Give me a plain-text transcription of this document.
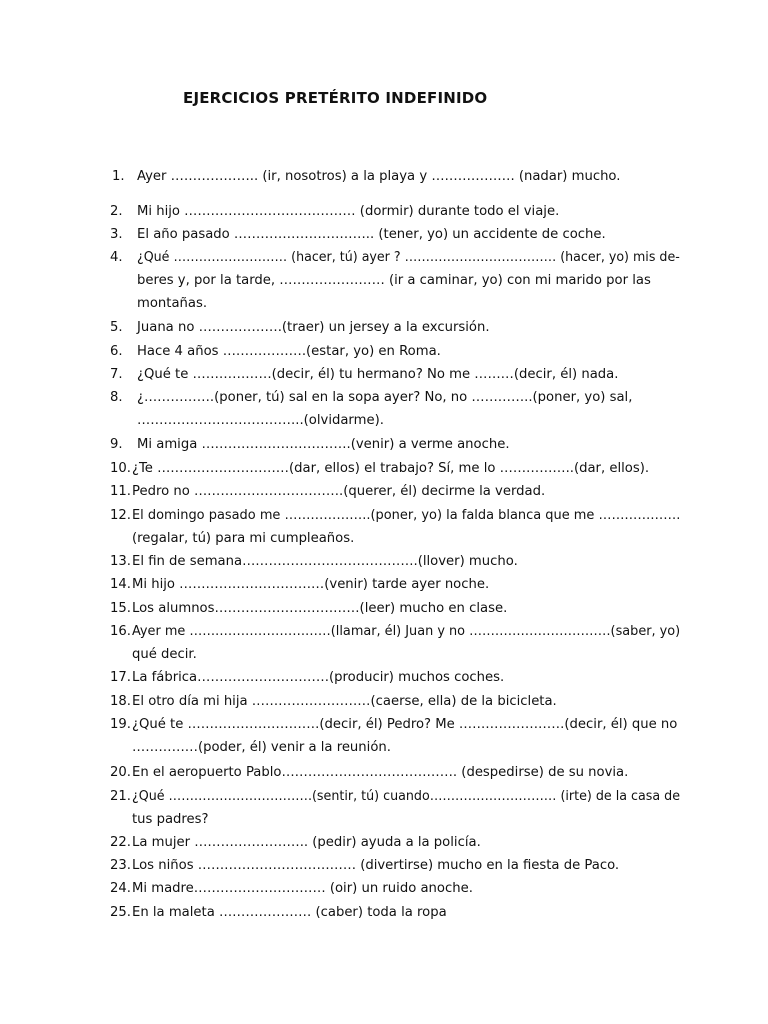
EJERCICIOS PRETÉRITO INDEFINIDO
1. Ayer ……………….. (ir, nosotros) a la playa y ………………. (nadar) mucho.
2. Mi hijo ………………………………… (dormir) durante todo el viaje.
3. El año pasado ………………………….. (tener, yo) un accidente de coche.
4. ¿Qué ……………………… (hacer, tú) ayer ? ……………………………… (hacer, yo) mis de-
beres y, por la tarde, …………………… (ir a caminar, yo) con mi marido por las
montañas.
5. Juana no ……………….(traer) un jersey a la excursión.
6. Hace 4 años ……………….(estar, yo) en Roma.
7. ¿Qué te ………………(decir, él) tu hermano? No me ………(decir, él) nada.
8. ¿…………….(poner, tú) sal en la sopa ayer? No, no …………..(poner, yo) sal,
………………………………..(olvidarme).
9. Mi amiga …………………………….(venir) a verme anoche.
10. ¿Te …………………………(dar, ellos) el trabajo? Sí, me lo ……………..(dar, ellos).
11. Pedro no …………………………….(querer, él) decirme la verdad.
12. El domingo pasado me ………………..(poner, yo) la falda blanca que me ……………….
(regalar, tú) para mi cumpleaños.
13. El fin de semana………………………………….(llover) mucho.
14. Mi hijo ……………………………(venir) tarde ayer noche.
15. Los alumnos……………………………(leer) mucho en clase.
16. Ayer me ……………………………(llamar, él) Juan y no ……………………………(saber, yo)
qué decir.
17. La fábrica…………………………(producir) muchos coches.
18. El otro día mi hija ………………………(caerse, ella) de la bicicleta.
19. ¿Qué te …………………………(decir, él) Pedro? Me ……………………(decir, él) que no
……………(poder, él) venir a la reunión.
20. En el aeropuerto Pablo…………………………………. (despedirse) de su novia.
21. ¿Qué …………………………….(sentir, tú) cuando………………………… (irte) de la casa de
tus padres?
22. La mujer …………………….. (pedir) ayuda a la policía.
23. Los niños ……………………………… (divertirse) mucho en la fiesta de Paco.
24. Mi madre………………………… (oir) un ruido anoche.
25. En la maleta ………………… (caber) toda la ropa
